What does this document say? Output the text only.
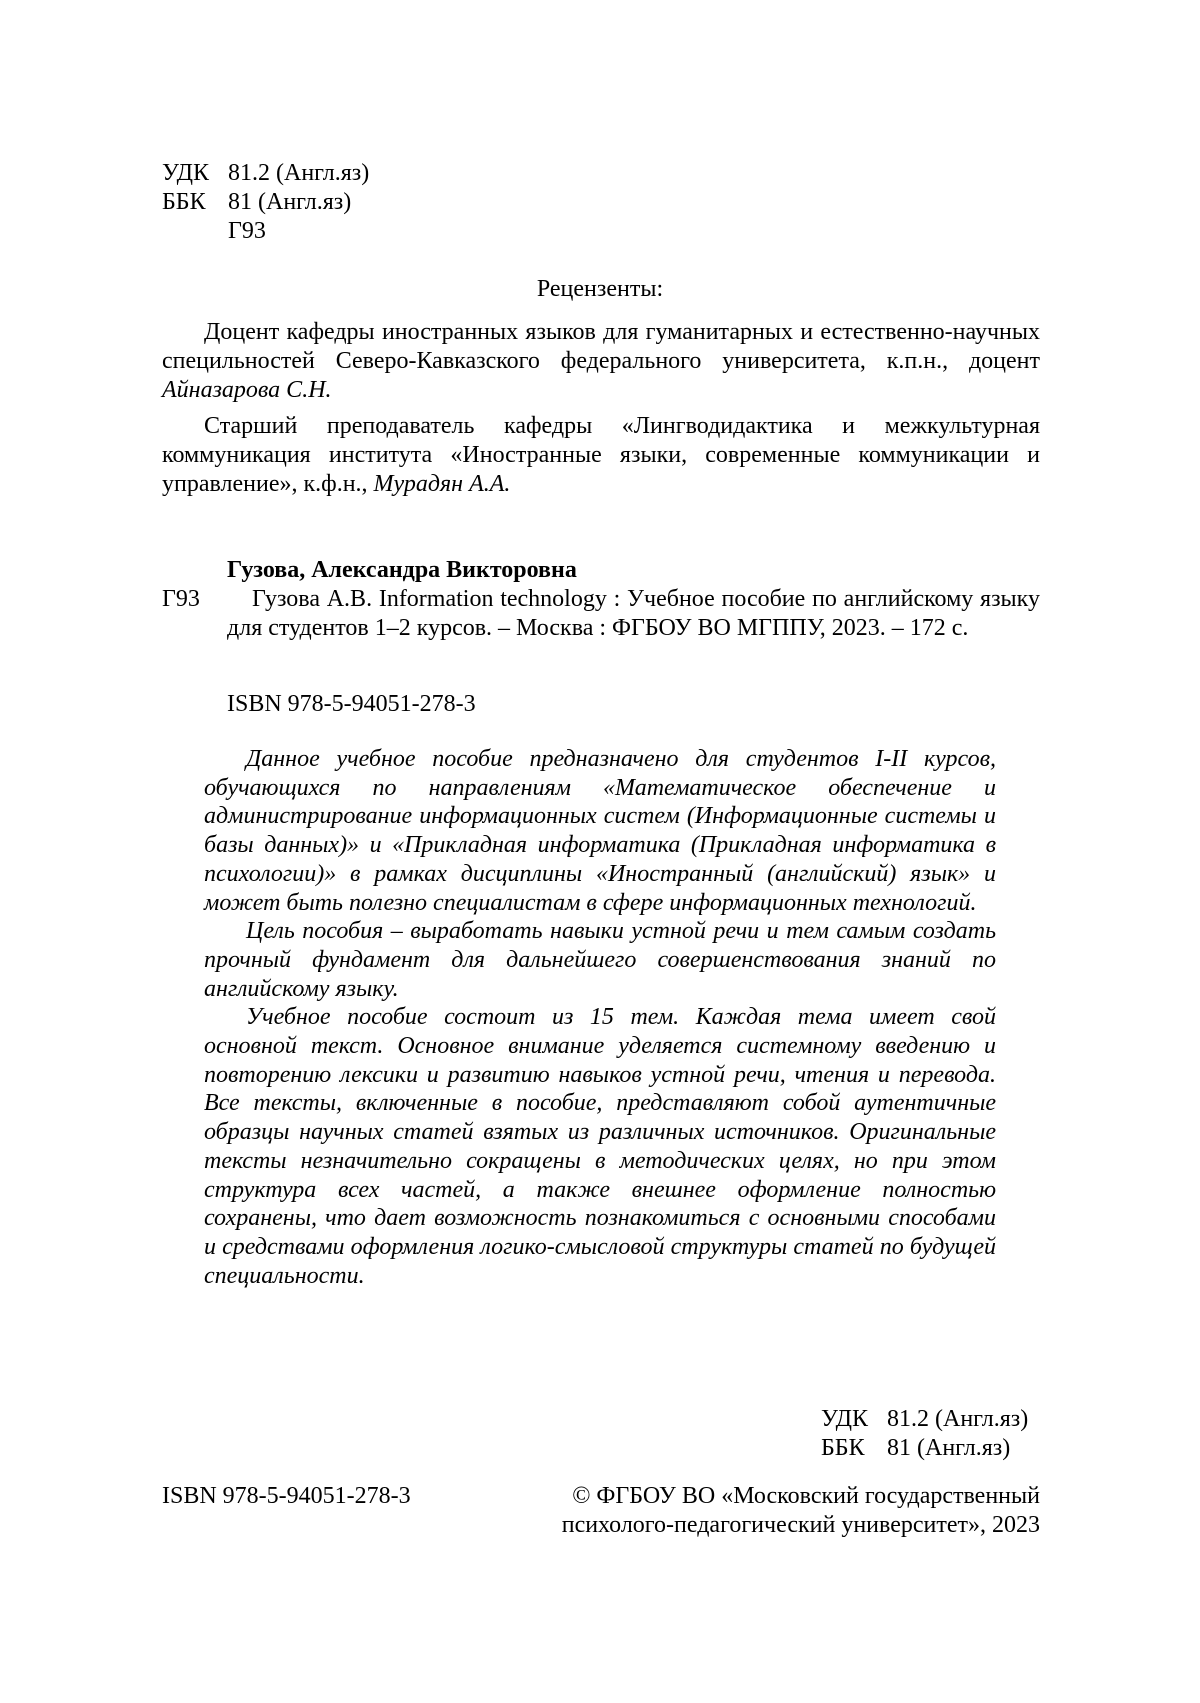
УДК 81.2 (Англ.яз)
ББК 81 (Англ.яз)
Г93
Рецензенты:
Доцент кафедры иностранных языков для гуманитарных и естественно-научных специльностей Северо-Кавказского федерального университета, к.п.н., доцент Айназарова С.Н.
Старший преподаватель кафедры «Лингводидактика и межкультурная коммуникация института «Иностранные языки, современные коммуникации и управление», к.ф.н., Мурадян А.А.
Гузова, Александра Викторовна
Г93	Гузова А.В. Information technology : Учебное пособие по английскому языку для студентов 1–2 курсов. – Москва : ФГБОУ ВО МГППУ, 2023. – 172 с.
ISBN 978-5-94051-278-3

Данное учебное пособие предназначено для студентов I-II курсов, обучающихся по направлениям «Математическое обеспечение и администрирование информационных систем (Информационные системы и базы данных)» и «Прикладная информатика (Прикладная информатика в психологии)» в рамках дисциплины «Иностранный (английский) язык» и может быть полезно специалистам в сфере информационных технологий.

Цель пособия – выработать навыки устной речи и тем самым создать прочный фундамент для дальнейшего совершенствования знаний по английскому языку.

Учебное пособие состоит из 15 тем. Каждая тема имеет свой основной текст. Основное внимание уделяется системному введению и повторению лексики и развитию навыков устной речи, чтения и перевода. Все тексты, включенные в пособие, представляют собой аутентичные образцы научных статей взятых из различных источников. Оригинальные тексты незначительно сокращены в методических целях, но при этом структура всех частей, а также внешнее оформление полностью сохранены, что дает возможность познакомиться с основными способами и средствами оформления логико-смысловой структуры статей по будущей специальности.

УДК 81.2 (Англ.яз)
ББК 81 (Англ.яз)
ISBN 978-5-94051-278-3	© ФГБОУ ВО «Московский государственный
психолого-педагогический университет», 2023
